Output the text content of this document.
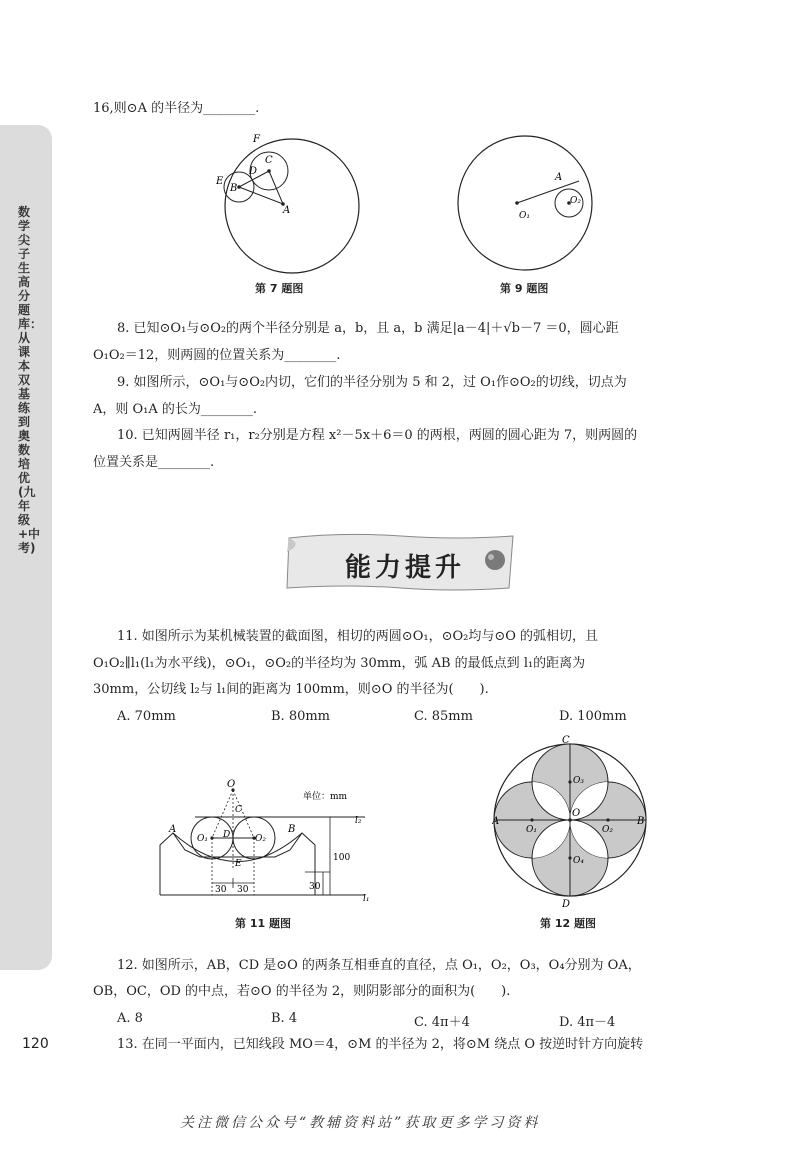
数学尖子生高分题库：从课本双基练到奥数培优(九年级+中考)
120
16,则⊙A 的半径为________.
F
C
D
E
B
A
第 7 题图
A
O₁
O₂
第 9 题图
8. 已知⊙O₁与⊙O₂的两个半径分别是 a，b，且 a，b 满足|a－4|＋√b－7 ＝0，圆心距
O₁O₂＝12，则两圆的位置关系为________.
9. 如图所示，⊙O₁与⊙O₂内切，它们的半径分别为 5 和 2，过 O₁作⊙O₂的切线，切点为
A，则 O₁A 的长为________.
10. 已知两圆半径 r₁，r₂分别是方程 x²－5x＋6＝0 的两根，两圆的圆心距为 7，则两圆的
位置关系是________.
能力提升
11. 如图所示为某机械装置的截面图，相切的两圆⊙O₁，⊙O₂均与⊙O 的弧相切，且
O₁O₂∥l₁(l₁为水平线)，⊙O₁，⊙O₂的半径均为 30mm，弧 AB 的最低点到 l₁的距离为
30mm，公切线 l₂与 l₁间的距离为 100mm，则⊙O 的半径为(　　).
A. 70mm	B. 80mm	C. 85mm	D. 100mm
O
C
A	B
O₁	O₂
D
E
单位：mm
l₂
l₁
100
30
30 30
第 11 题图
C
D
A	B
O
O₃
O₄
O₁	O₂
第 12 题图
12. 如图所示，AB，CD 是⊙O 的两条互相垂直的直径，点 O₁，O₂，O₃，O₄分别为 OA，
OB，OC，OD 的中点，若⊙O 的半径为 2，则阴影部分的面积为(　　).
A. 8	B. 4	C. 4π＋4	D. 4π－4
13. 在同一平面内，已知线段 MO＝4，⊙M 的半径为 2，将⊙M 绕点 O 按逆时针方向旋转
关注微信公众号“教辅资料站”获取更多学习资料
